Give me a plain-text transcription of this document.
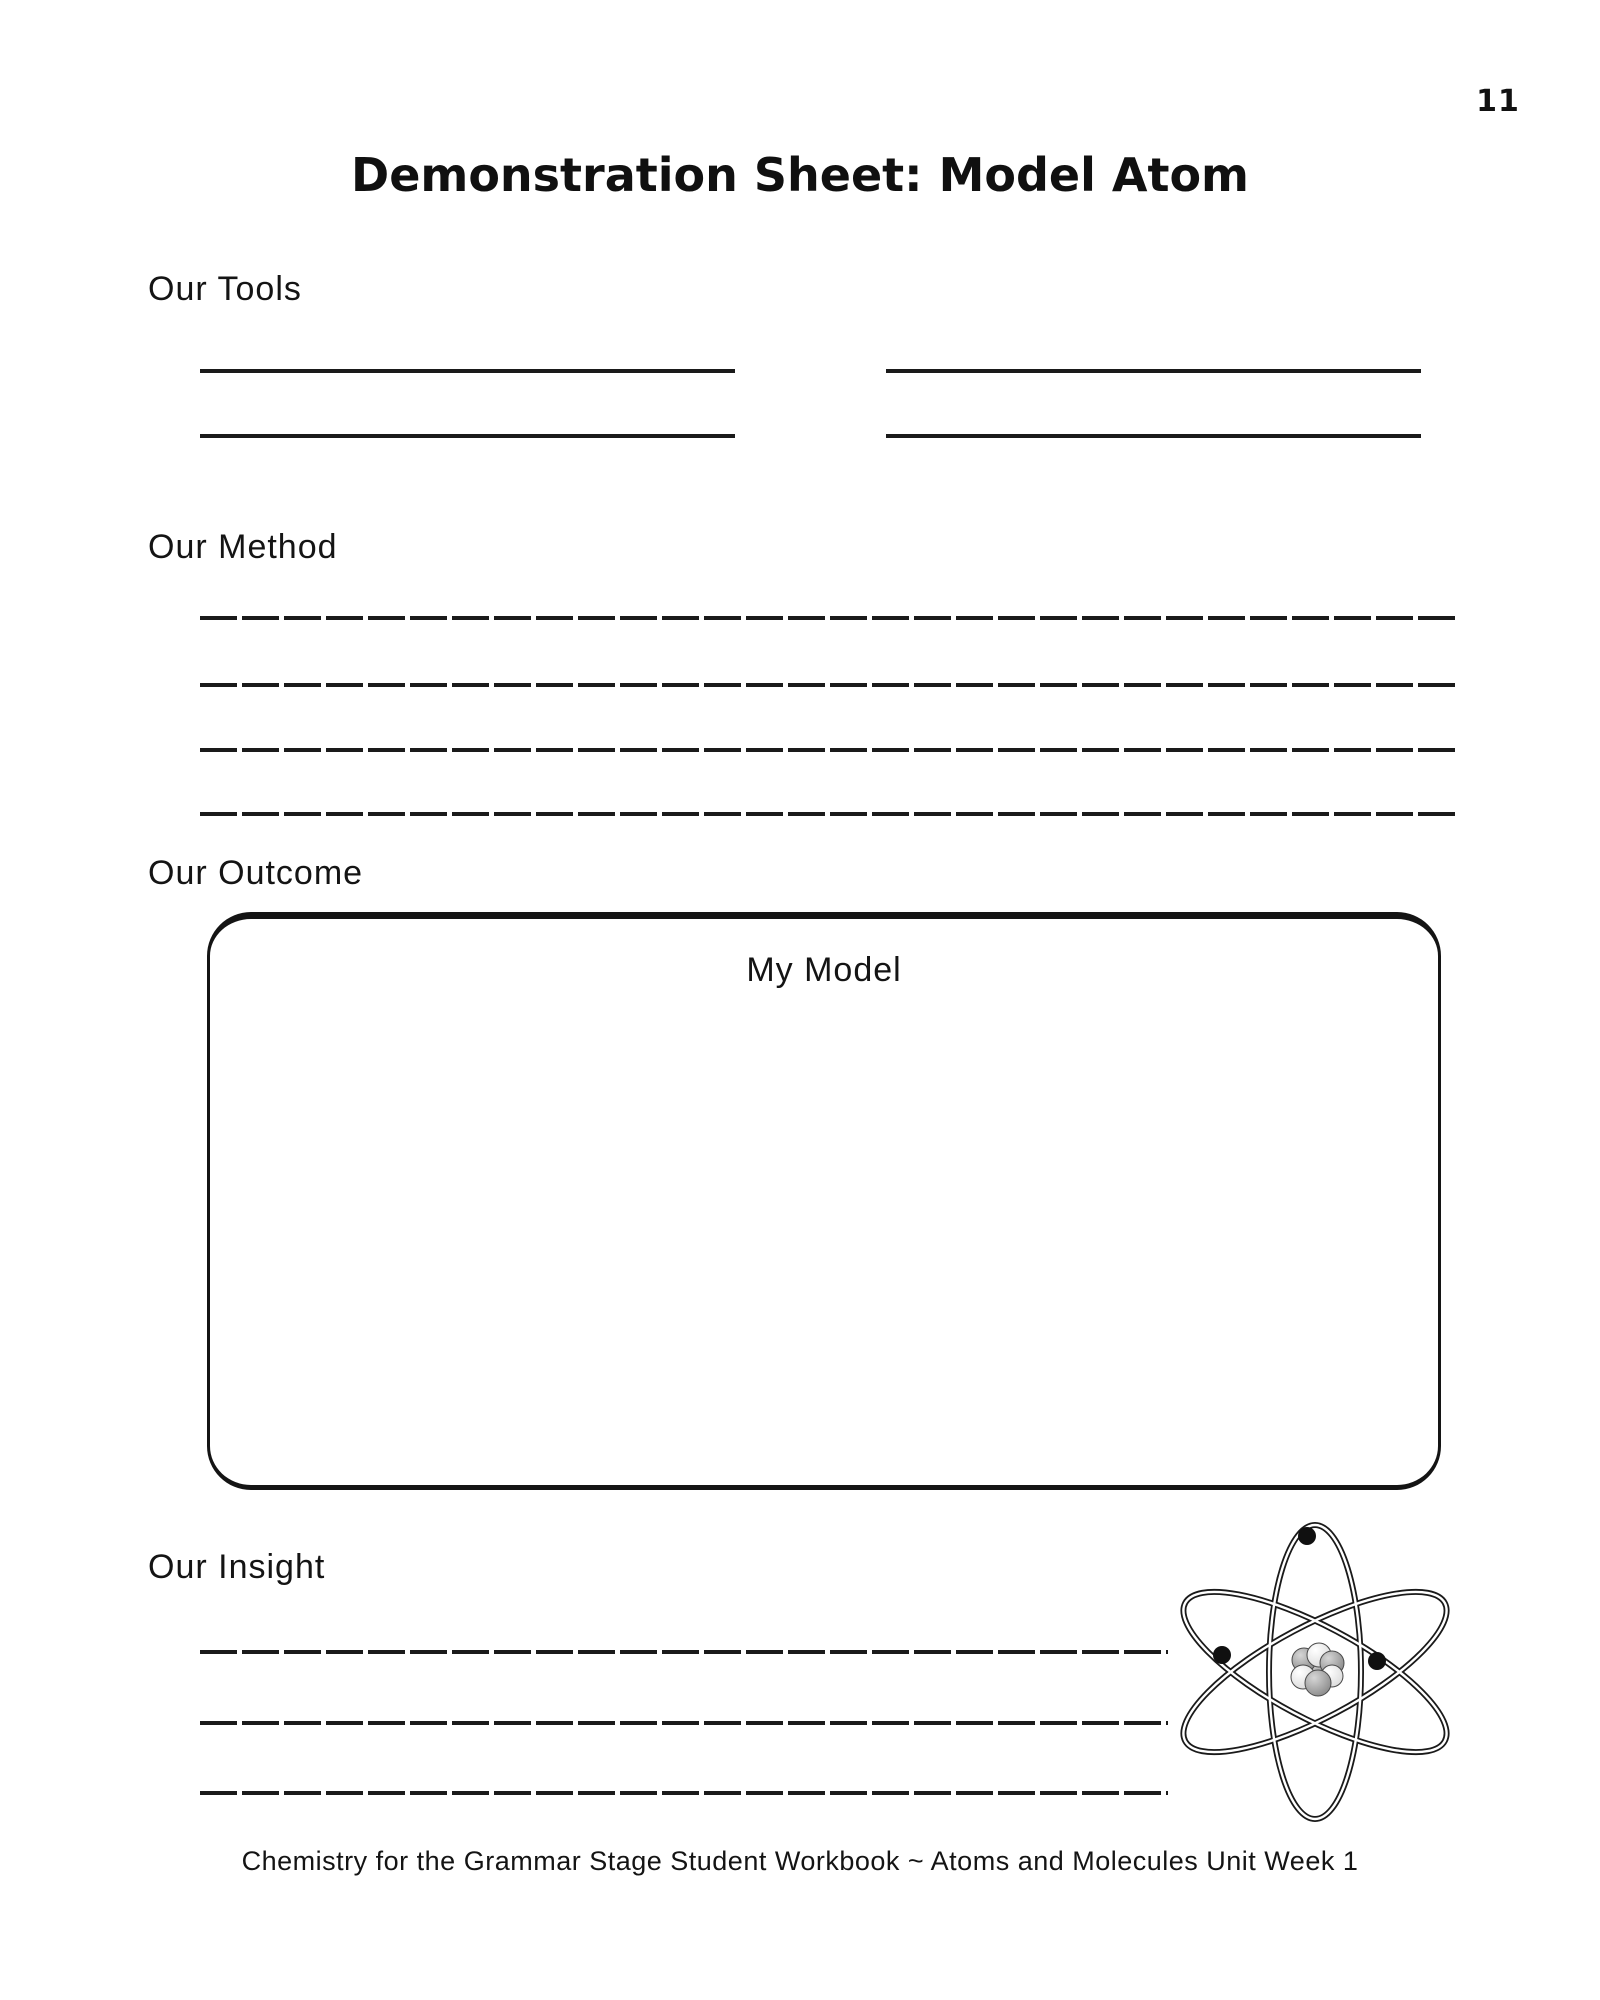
11
Demonstration Sheet: Model Atom
Our Tools
Our Method
Our Outcome
My Model
Our Insight
Chemistry for the Grammar Stage Student Workbook ~ Atoms and Molecules Unit Week 1
